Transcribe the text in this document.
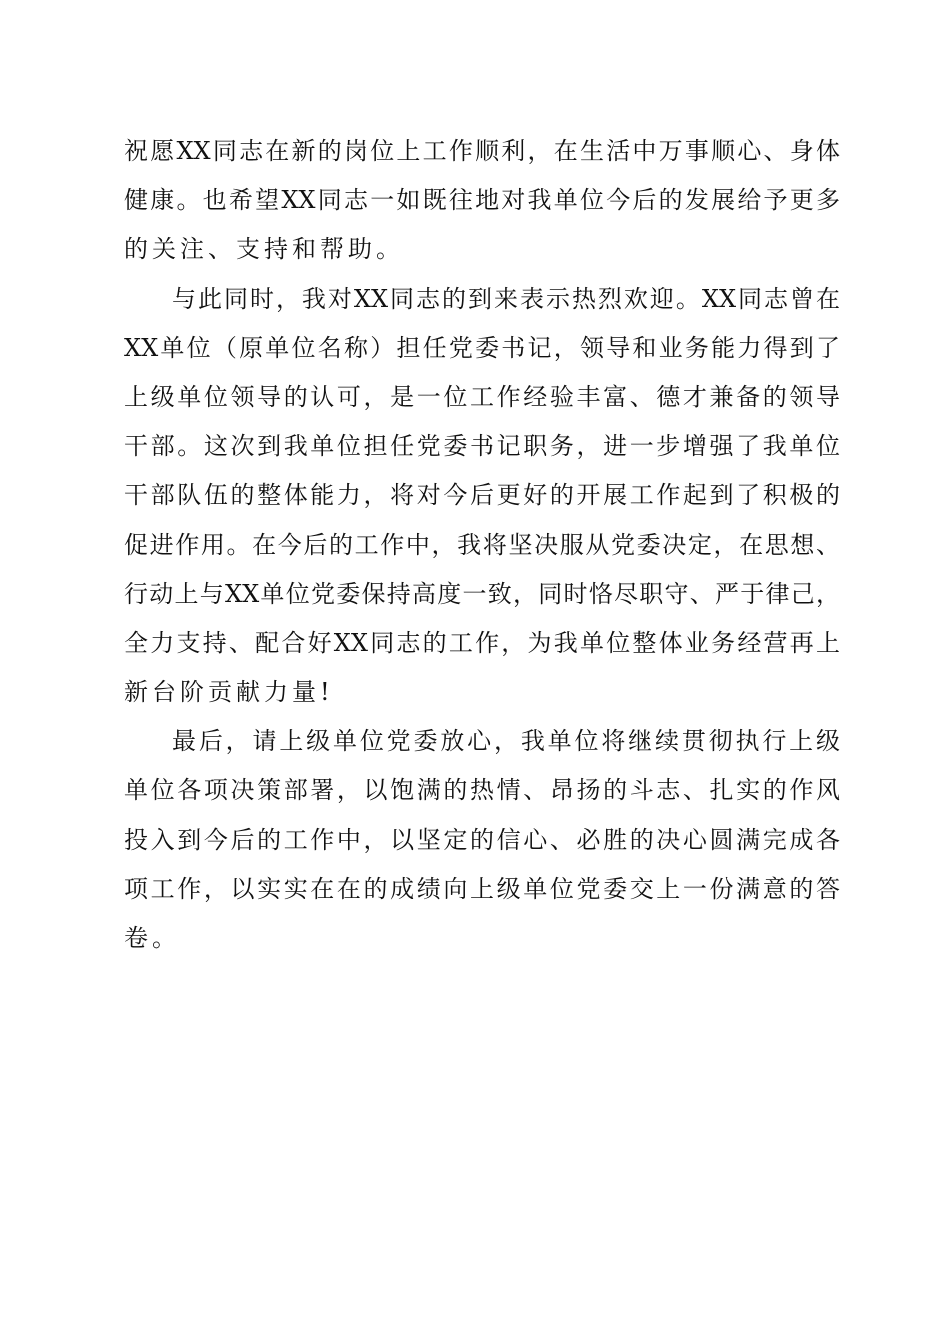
祝愿XX同志在新的岗位上工作顺利，在生活中万事顺心、身体
健康。也希望XX同志一如既往地对我单位今后的发展给予更多
的关注、支持和帮助。
与此同时，我对XX同志的到来表示热烈欢迎。XX同志曾在
XX单位（原单位名称）担任党委书记，领导和业务能力得到了
上级单位领导的认可，是一位工作经验丰富、德才兼备的领导
干部。这次到我单位担任党委书记职务，进一步增强了我单位
干部队伍的整体能力，将对今后更好的开展工作起到了积极的
促进作用。在今后的工作中，我将坚决服从党委决定，在思想、
行动上与XX单位党委保持高度一致，同时恪尽职守、严于律己，
全力支持、配合好XX同志的工作，为我单位整体业务经营再上
新台阶贡献力量!
最后，请上级单位党委放心，我单位将继续贯彻执行上级
单位各项决策部署，以饱满的热情、昂扬的斗志、扎实的作风
投入到今后的工作中，以坚定的信心、必胜的决心圆满完成各
项工作，以实实在在的成绩向上级单位党委交上一份满意的答
卷。
